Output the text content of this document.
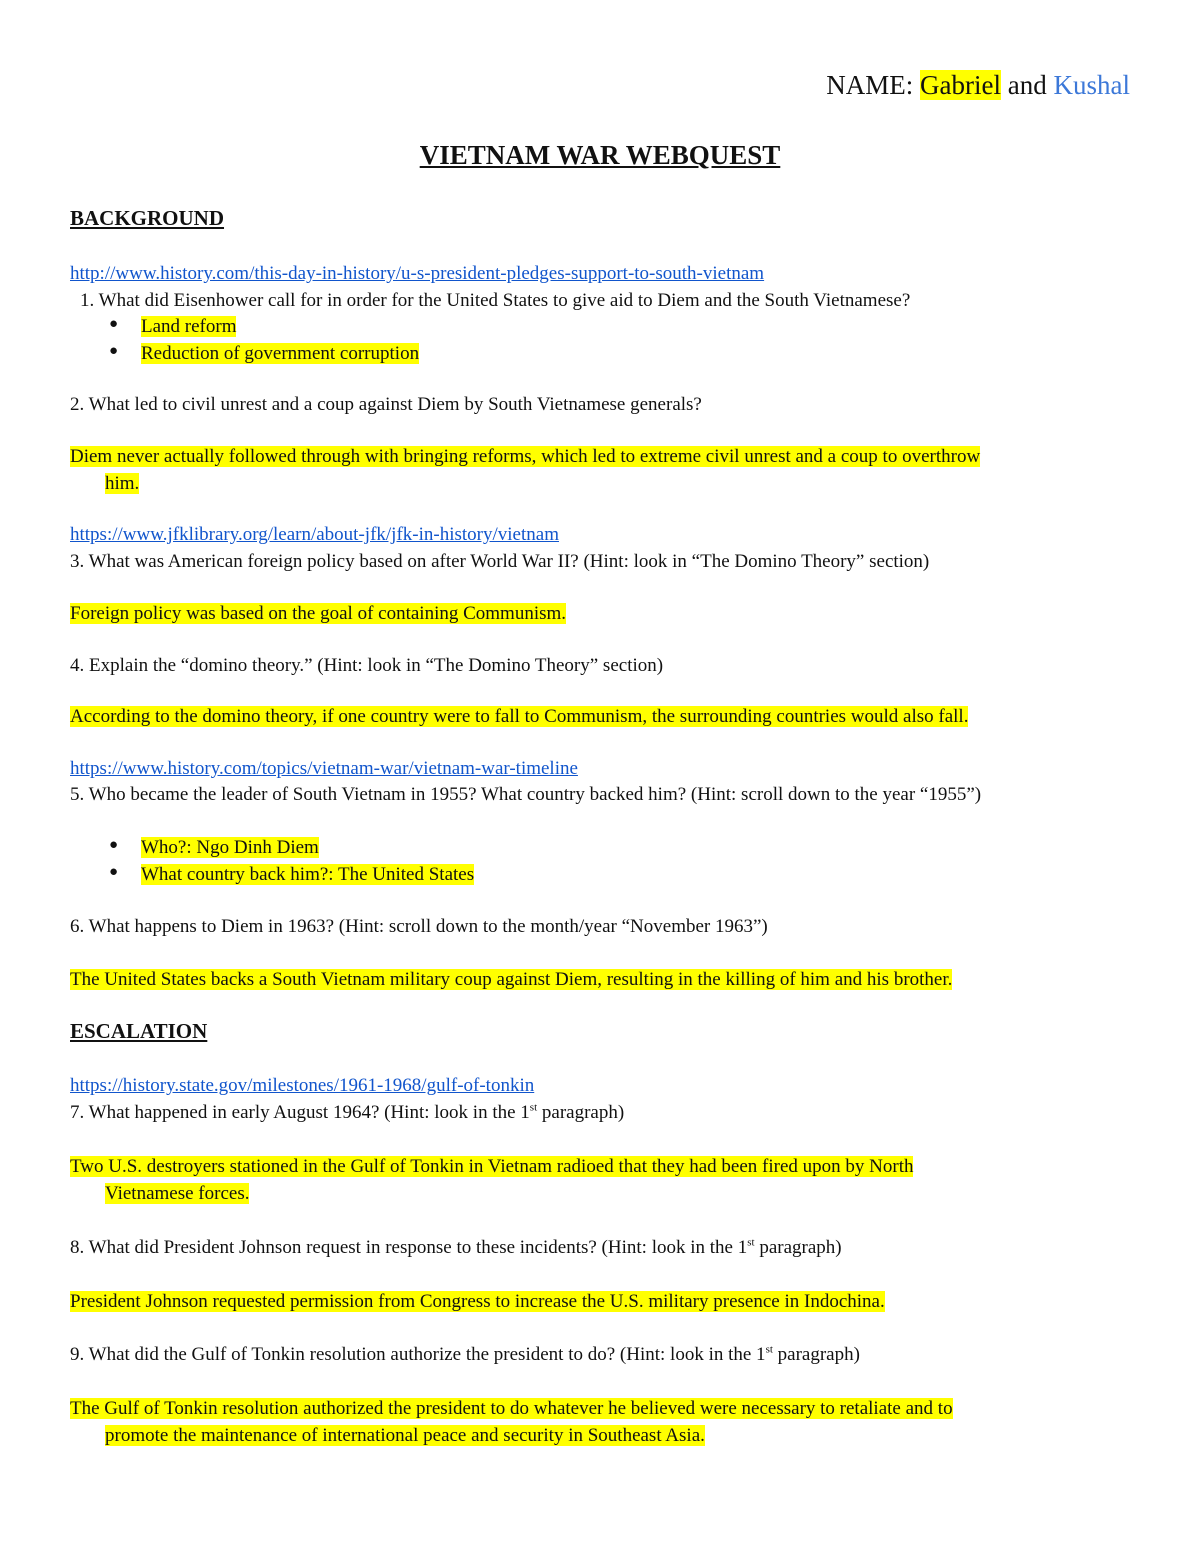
NAME: Gabriel and Kushal
VIETNAM WAR WEBQUEST
BACKGROUND
http://www.history.com/this-day-in-history/u-s-president-pledges-support-to-south-vietnam
1. What did Eisenhower call for in order for the United States to give aid to Diem and the South Vietnamese?
● Land reform
● Reduction of government corruption
2. What led to civil unrest and a coup against Diem by South Vietnamese generals?
Diem never actually followed through with bringing reforms, which led to extreme civil unrest and a coup to overthrow
him.
https://www.jfklibrary.org/learn/about-jfk/jfk-in-history/vietnam
3. What was American foreign policy based on after World War II? (Hint: look in “The Domino Theory” section)
Foreign policy was based on the goal of containing Communism.
4. Explain the “domino theory.” (Hint: look in “The Domino Theory” section)
According to the domino theory, if one country were to fall to Communism, the surrounding countries would also fall.
https://www.history.com/topics/vietnam-war/vietnam-war-timeline
5. Who became the leader of South Vietnam in 1955? What country backed him? (Hint: scroll down to the year “1955”)
● Who?: Ngo Dinh Diem
● What country back him?: The United States
6. What happens to Diem in 1963? (Hint: scroll down to the month/year “November 1963”)
The United States backs a South Vietnam military coup against Diem, resulting in the killing of him and his brother.
ESCALATION
https://history.state.gov/milestones/1961-1968/gulf-of-tonkin
7. What happened in early August 1964? (Hint: look in the 1st paragraph)
Two U.S. destroyers stationed in the Gulf of Tonkin in Vietnam radioed that they had been fired upon by North
Vietnamese forces.
8. What did President Johnson request in response to these incidents? (Hint: look in the 1st paragraph)
President Johnson requested permission from Congress to increase the U.S. military presence in Indochina.
9. What did the Gulf of Tonkin resolution authorize the president to do? (Hint: look in the 1st paragraph)
The Gulf of Tonkin resolution authorized the president to do whatever he believed were necessary to retaliate and to
promote the maintenance of international peace and security in Southeast Asia.
